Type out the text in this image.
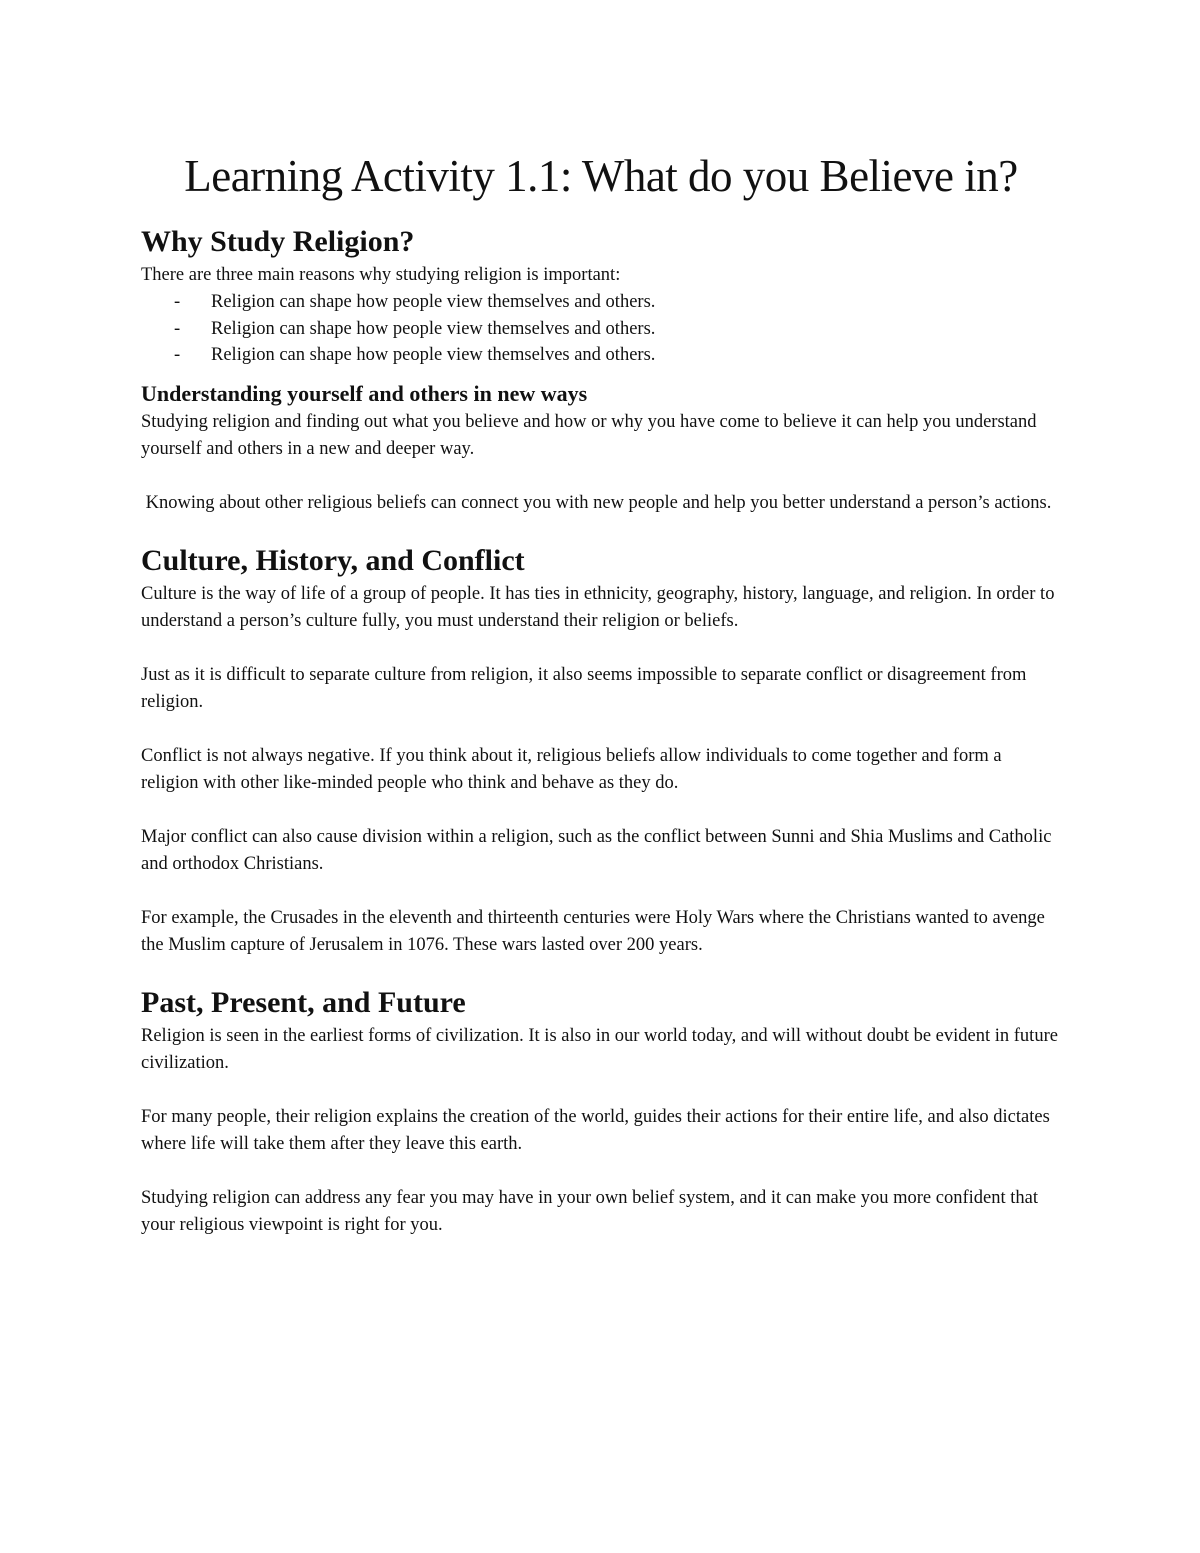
Learning Activity 1.1: What do you Believe in?
Why Study Religion?

There are three main reasons why studying religion is important:

- Religion can shape how people view themselves and others.
- Religion can shape how people view themselves and others.
- Religion can shape how people view themselves and others.
Understanding yourself and others in new ways

Studying religion and finding out what you believe and how or why you have come to believe it can help you understand yourself and others in a new and deeper way.

Knowing about other religious beliefs can connect you with new people and help you better understand a person’s actions.

Culture, History, and Conflict

Culture is the way of life of a group of people. It has ties in ethnicity, geography, history, language, and religion. In order to understand a person’s culture fully, you must understand their religion or beliefs.

Just as it is difficult to separate culture from religion, it also seems impossible to separate conflict or disagreement from religion.

Conflict is not always negative. If you think about it, religious beliefs allow individuals to come together and form a religion with other like-minded people who think and behave as they do.

Major conflict can also cause division within a religion, such as the conflict between Sunni and Shia Muslims and Catholic and orthodox Christians.

For example, the Crusades in the eleventh and thirteenth centuries were Holy Wars where the Christians wanted to avenge the Muslim capture of Jerusalem in 1076. These wars lasted over 200 years.

Past, Present, and Future

Religion is seen in the earliest forms of civilization. It is also in our world today, and will without doubt be evident in future civilization.

For many people, their religion explains the creation of the world, guides their actions for their entire life, and also dictates where life will take them after they leave this earth.

Studying religion can address any fear you may have in your own belief system, and it can make you more confident that your religious viewpoint is right for you.
